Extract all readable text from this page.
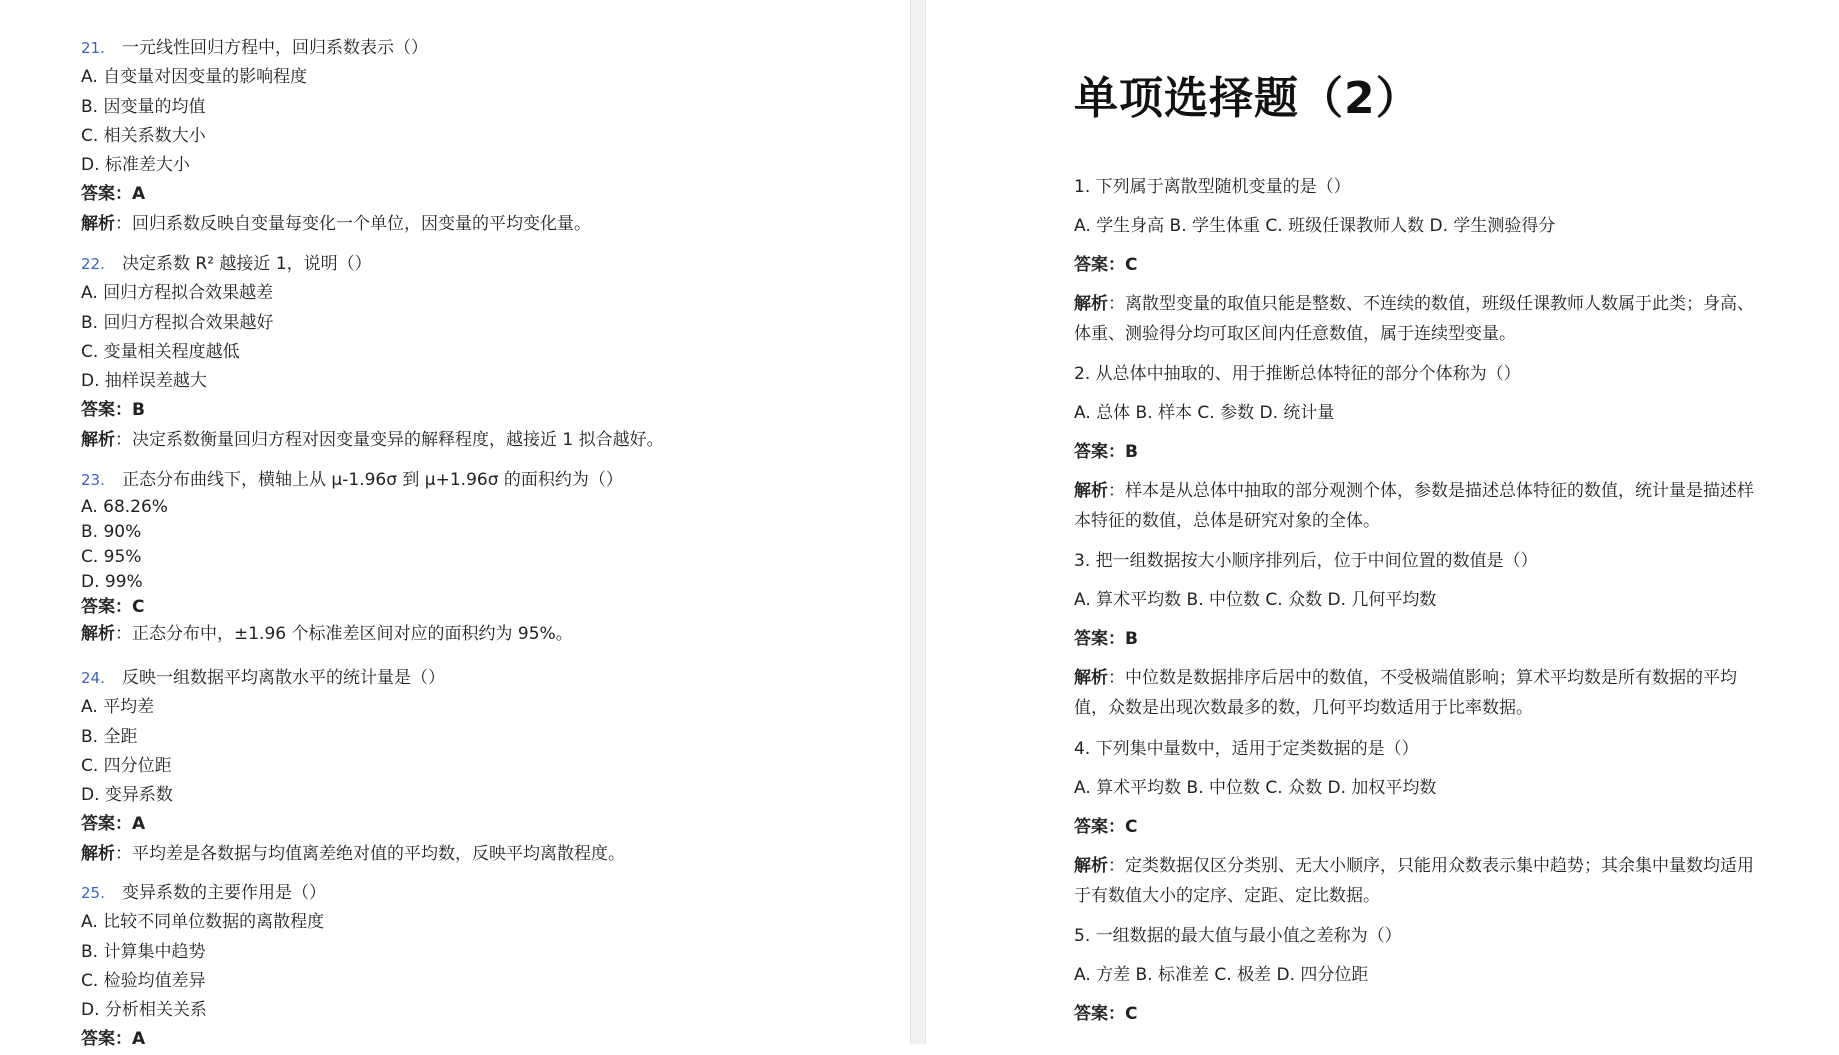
21. 一元线性回归方程中，回归系数表示（）
A. 自变量对因变量的影响程度
B. 因变量的均值
C. 相关系数大小
D. 标准差大小
答案：A
解析：回归系数反映自变量每变化一个单位，因变量的平均变化量。
22. 决定系数 R² 越接近 1，说明（）
A. 回归方程拟合效果越差
B. 回归方程拟合效果越好
C. 变量相关程度越低
D. 抽样误差越大
答案：B
解析：决定系数衡量回归方程对因变量变异的解释程度，越接近 1 拟合越好。
23. 正态分布曲线下，横轴上从 μ-1.96σ 到 μ+1.96σ 的面积约为（）
A. 68.26%
B. 90%
C. 95%
D. 99%
答案：C
解析：正态分布中，±1.96 个标准差区间对应的面积约为 95%。
24. 反映一组数据平均离散水平的统计量是（）
A. 平均差
B. 全距
C. 四分位距
D. 变异系数
答案：A
解析：平均差是各数据与均值离差绝对值的平均数，反映平均离散程度。
25. 变异系数的主要作用是（）
A. 比较不同单位数据的离散程度
B. 计算集中趋势
C. 检验均值差异
D. 分析相关关系
答案：A
单项选择题（2）
1. 下列属于离散型随机变量的是（）
A. 学生身高 B. 学生体重 C. 班级任课教师人数 D. 学生测验得分
答案：C
解析：离散型变量的取值只能是整数、不连续的数值，班级任课教师人数属于此类；身高、体重、测验得分均可取区间内任意数值，属于连续型变量。
2. 从总体中抽取的、用于推断总体特征的部分个体称为（）
A. 总体 B. 样本 C. 参数 D. 统计量
答案：B
解析：样本是从总体中抽取的部分观测个体，参数是描述总体特征的数值，统计量是描述样本特征的数值，总体是研究对象的全体。
3. 把一组数据按大小顺序排列后，位于中间位置的数值是（）
A. 算术平均数 B. 中位数 C. 众数 D. 几何平均数
答案：B
解析：中位数是数据排序后居中的数值，不受极端值影响；算术平均数是所有数据的平均值，众数是出现次数最多的数，几何平均数适用于比率数据。
4. 下列集中量数中，适用于定类数据的是（）
A. 算术平均数 B. 中位数 C. 众数 D. 加权平均数
答案：C
解析：定类数据仅区分类别、无大小顺序，只能用众数表示集中趋势；其余集中量数均适用于有数值大小的定序、定距、定比数据。
5. 一组数据的最大值与最小值之差称为（）
A. 方差 B. 标准差 C. 极差 D. 四分位距
答案：C
